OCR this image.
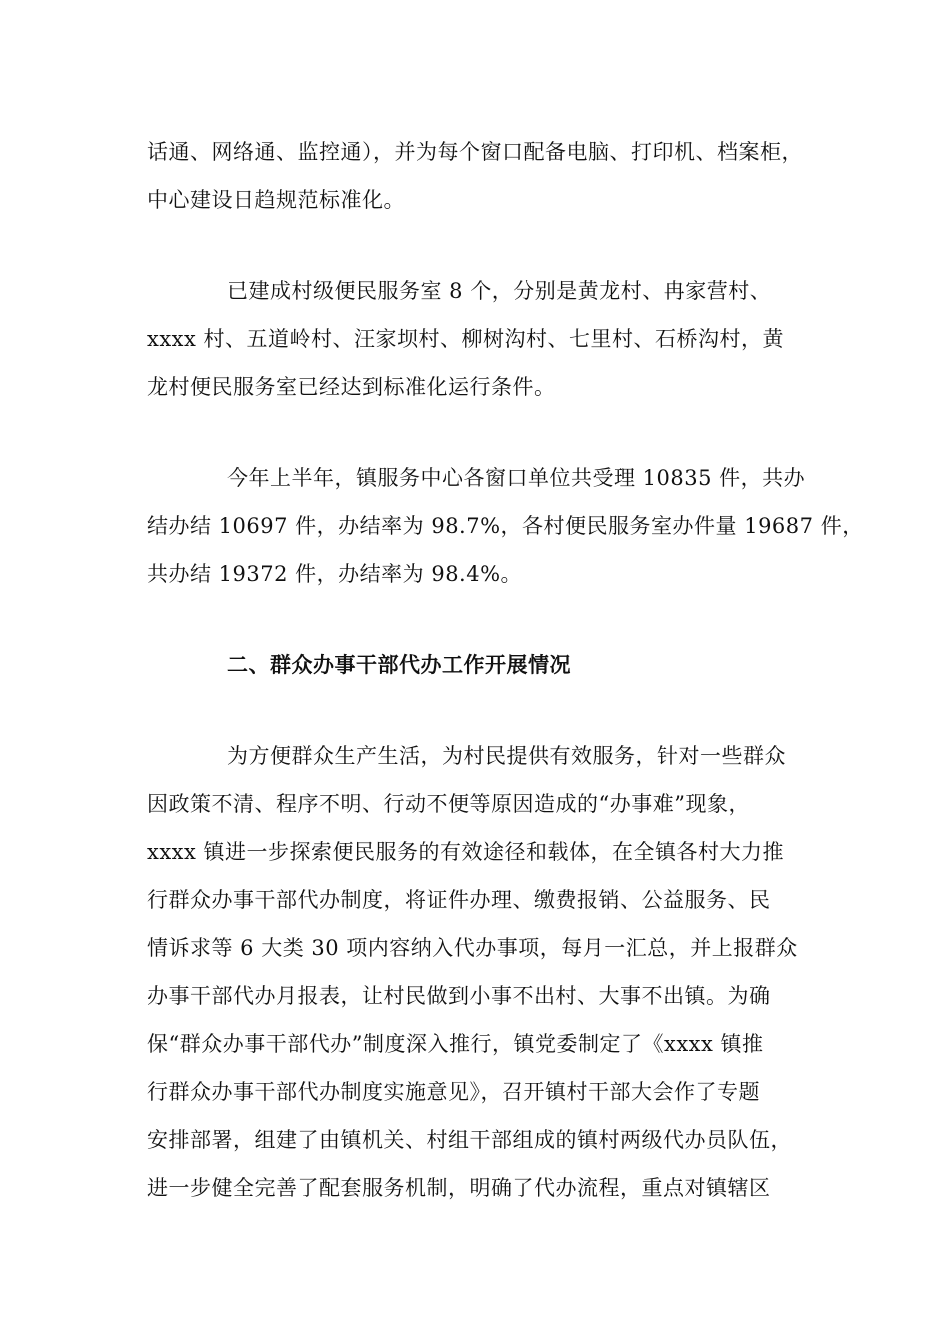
话通、网络通、监控通），并为每个窗口配备电脑、打印机、档案柜，
中心建设日趋规范标准化。
已建成村级便民服务室 8 个，分别是黄龙村、冉家营村、
xxxx 村、五道岭村、汪家坝村、柳树沟村、七里村、石桥沟村，黄
龙村便民服务室已经达到标准化运行条件。
今年上半年，镇服务中心各窗口单位共受理 10835 件，共办
结办结 10697 件，办结率为 98.7%，各村便民服务室办件量 19687 件，
共办结 19372 件，办结率为 98.4%。
二、群众办事干部代办工作开展情况
为方便群众生产生活，为村民提供有效服务，针对一些群众
因政策不清、程序不明、行动不便等原因造成的“办事难”现象，
xxxx 镇进一步探索便民服务的有效途径和载体，在全镇各村大力推
行群众办事干部代办制度，将证件办理、缴费报销、公益服务、民
情诉求等 6 大类 30 项内容纳入代办事项，每月一汇总，并上报群众
办事干部代办月报表，让村民做到小事不出村、大事不出镇。为确
保“群众办事干部代办”制度深入推行，镇党委制定了《xxxx 镇推
行群众办事干部代办制度实施意见》，召开镇村干部大会作了专题
安排部署，组建了由镇机关、村组干部组成的镇村两级代办员队伍，
进一步健全完善了配套服务机制，明确了代办流程，重点对镇辖区
